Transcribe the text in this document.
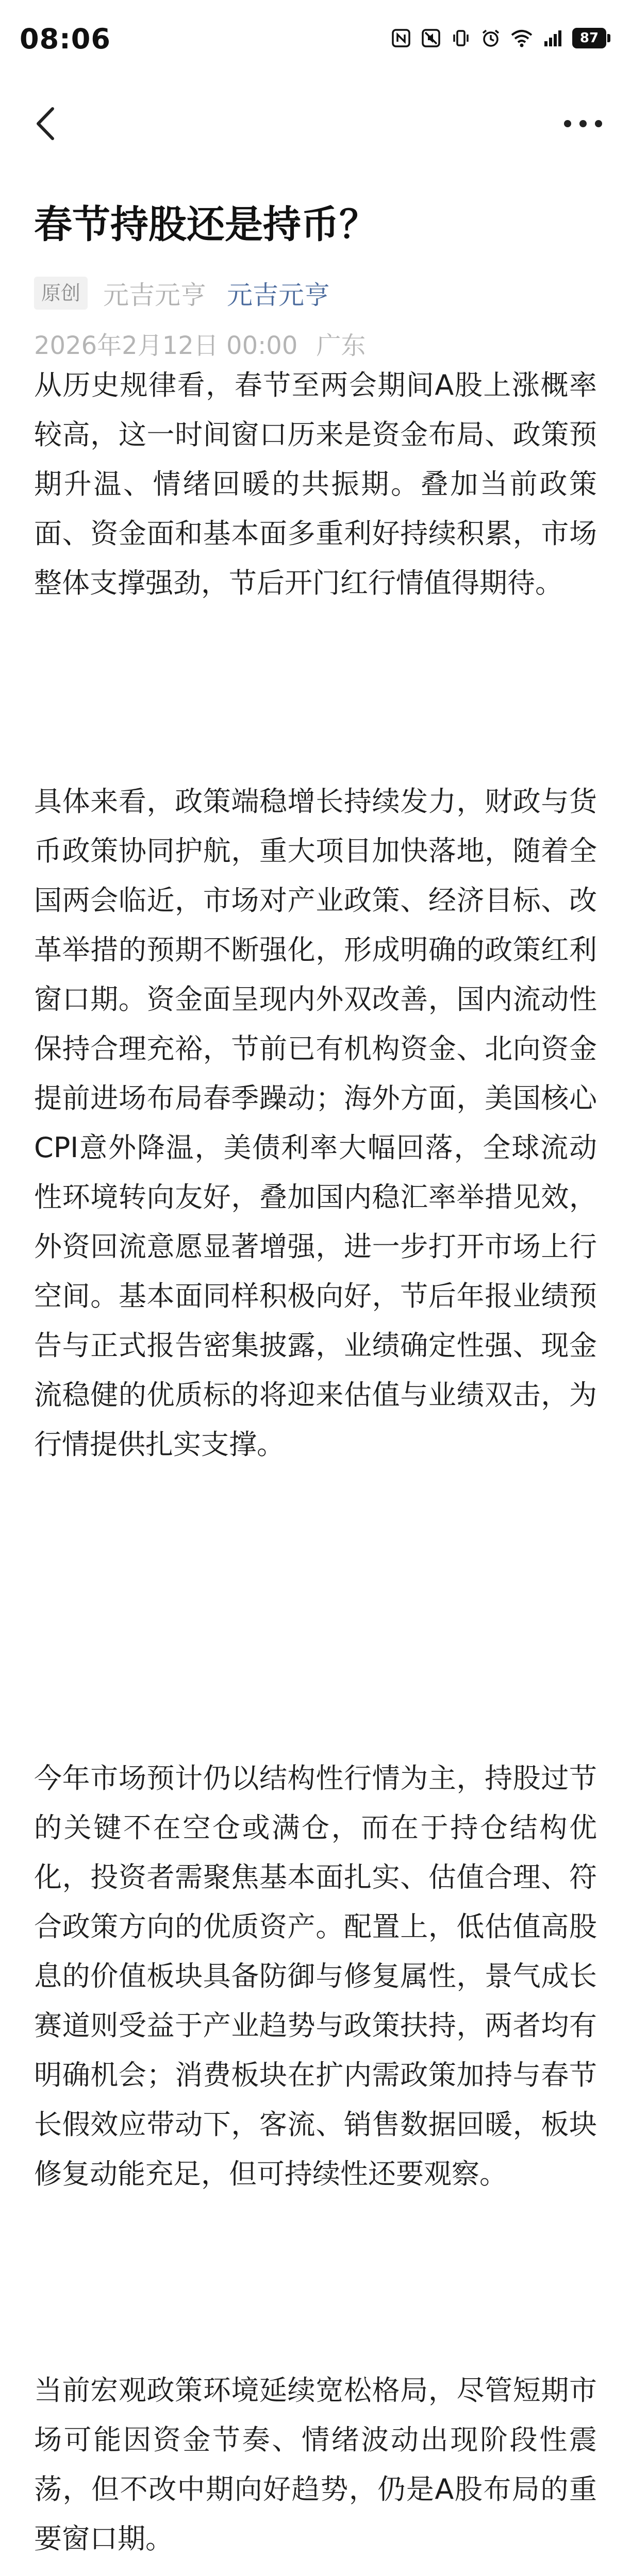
08:06	87
春节持股还是持币？
原创 元吉元亨 元吉元亨
2026年2月12日 00:00 广东

从历史规律看，春节至两会期间A股上涨概率较高，这一时间窗口历来是资金布局、政策预期升温、情绪回暖的共振期。叠加当前政策面、资金面和基本面多重利好持续积累，市场整体支撑强劲，节后开门红行情值得期待。

具体来看，政策端稳增长持续发力，财政与货币政策协同护航，重大项目加快落地，随着全国两会临近，市场对产业政策、经济目标、改革举措的预期不断强化，形成明确的政策红利窗口期。资金面呈现内外双改善，国内流动性保持合理充裕，节前已有机构资金、北向资金提前进场布局春季躁动；海外方面，美国核心CPI意外降温，美债利率大幅回落，全球流动性环境转向友好，叠加国内稳汇率举措见效，外资回流意愿显著增强，进一步打开市场上行空间。基本面同样积极向好，节后年报业绩预告与正式报告密集披露，业绩确定性强、现金流稳健的优质标的将迎来估值与业绩双击，为行情提供扎实支撑。

今年市场预计仍以结构性行情为主，持股过节的关键不在空仓或满仓，而在于持仓结构优化，投资者需聚焦基本面扎实、估值合理、符合政策方向的优质资产。配置上，低估值高股息的价值板块具备防御与修复属性，景气成长赛道则受益于产业趋势与政策扶持，两者均有明确机会；消费板块在扩内需政策加持与春节长假效应带动下，客流、销售数据回暖，板块修复动能充足，但可持续性还要观察。

当前宏观政策环境延续宽松格局，尽管短期市场可能因资金节奏、情绪波动出现阶段性震荡，但不改中期向好趋势，仍是A股布局的重要窗口期。
